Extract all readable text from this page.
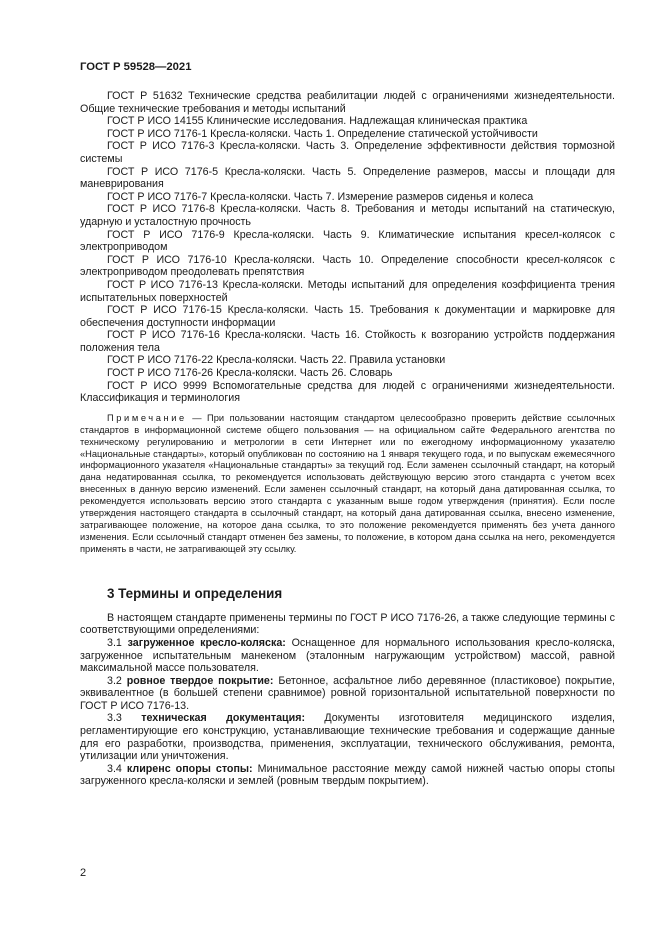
ГОСТ Р 59528—2021

ГОСТ Р 51632 Технические средства реабилитации людей с ограничениями жизнедеятельности. Общие технические требования и методы испытаний

ГОСТ Р ИСО 14155 Клинические исследования. Надлежащая клиническая практика

ГОСТ Р ИСО 7176-1 Кресла-коляски. Часть 1. Определение статической устойчивости

ГОСТ Р ИСО 7176-3 Кресла-коляски. Часть 3. Определение эффективности действия тормозной системы

ГОСТ Р ИСО 7176-5 Кресла-коляски. Часть 5. Определение размеров, массы и площади для маневрирования

ГОСТ Р ИСО 7176-7 Кресла-коляски. Часть 7. Измерение размеров сиденья и колеса

ГОСТ Р ИСО 7176-8 Кресла-коляски. Часть 8. Требования и методы испытаний на статическую, ударную и усталостную прочность

ГОСТ Р ИСО 7176-9 Кресла-коляски. Часть 9. Климатические испытания кресел-колясок с электроприводом

ГОСТ Р ИСО 7176-10 Кресла-коляски. Часть 10. Определение способности кресел-колясок с электроприводом преодолевать препятствия

ГОСТ Р ИСО 7176-13 Кресла-коляски. Методы испытаний для определения коэффициента трения испытательных поверхностей

ГОСТ Р ИСО 7176-15 Кресла-коляски. Часть 15. Требования к документации и маркировке для обеспечения доступности информации

ГОСТ Р ИСО 7176-16 Кресла-коляски. Часть 16. Стойкость к возгоранию устройств поддержания положения тела

ГОСТ Р ИСО 7176-22 Кресла-коляски. Часть 22. Правила установки

ГОСТ Р ИСО 7176-26 Кресла-коляски. Часть 26. Словарь

ГОСТ Р ИСО 9999 Вспомогательные средства для людей с ограничениями жизнедеятельности. Классификация и терминология

Примечание — При пользовании настоящим стандартом целесообразно проверить действие ссылочных стандартов в информационной системе общего пользования — на официальном сайте Федерального агентства по техническому регулированию и метрологии в сети Интернет или по ежегодному информационному указателю «Национальные стандарты», который опубликован по состоянию на 1 января текущего года, и по выпускам ежемесячного информационного указателя «Национальные стандарты» за текущий год. Если заменен ссылочный стандарт, на который дана недатированная ссылка, то рекомендуется использовать действующую версию этого стандарта с учетом всех внесенных в данную версию изменений. Если заменен ссылочный стандарт, на который дана датированная ссылка, то рекомендуется использовать версию этого стандарта с указанным выше годом утверждения (принятия). Если после утверждения настоящего стандарта в ссылочный стандарт, на который дана датированная ссылка, внесено изменение, затрагивающее положение, на которое дана ссылка, то это положение рекомендуется применять без учета данного изменения. Если ссылочный стандарт отменен без замены, то положение, в котором дана ссылка на него, рекомендуется применять в части, не затрагивающей эту ссылку.

3 Термины и определения

В настоящем стандарте применены термины по ГОСТ Р ИСО 7176-26, а также следующие термины с соответствующими определениями:

3.1 загруженное кресло-коляска: Оснащенное для нормального использования кресло-коляска, загруженное испытательным манекеном (эталонным нагружающим устройством) массой, равной максимальной массе пользователя.

3.2 ровное твердое покрытие: Бетонное, асфальтное либо деревянное (пластиковое) покрытие, эквивалентное (в большей степени сравнимое) ровной горизонтальной испытательной поверхности по ГОСТ Р ИСО 7176-13.

3.3 техническая документация: Документы изготовителя медицинского изделия, регламентирующие его конструкцию, устанавливающие технические требования и содержащие данные для его разработки, производства, применения, эксплуатации, технического обслуживания, ремонта, утилизации или уничтожения.

3.4 клиренс опоры стопы: Минимальное расстояние между самой нижней частью опоры стопы загруженного кресла-коляски и землей (ровным твердым покрытием).

2
